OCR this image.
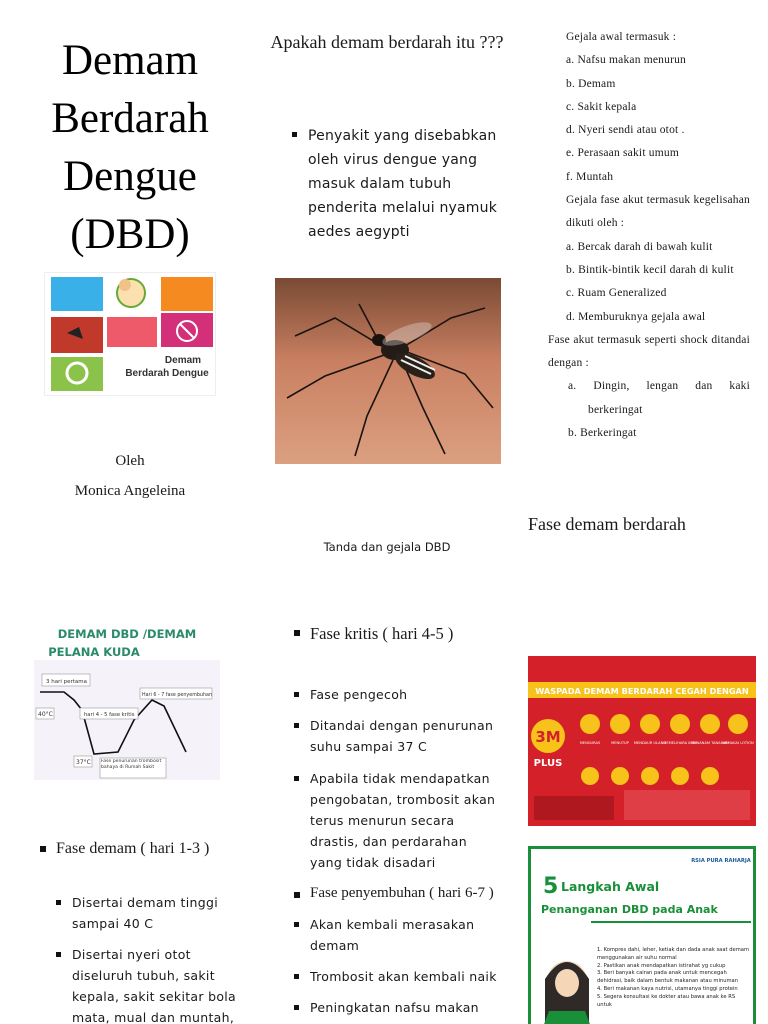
Demam
Berdarah
Dengue
(DBD)
Demam
Berdarah Dengue
Oleh
Monica Angeleina
Apakah demam berdarah itu ???
Penyakit yang disebabkan oleh virus dengue yang masuk dalam tubuh penderita melalui nyamuk aedes aegypti
Tanda dan gejala DBD
Gejala awal termasuk :
a. Nafsu makan menurun
b. Demam
c. Sakit kepala
d. Nyeri sendi atau otot .
e. Perasaan sakit umum
f. Muntah
Gejala fase akut termasuk kegelisahan dikuti oleh :
a. Bercak darah di bawah kulit
b. Bintik-bintik kecil darah di kulit
c. Ruam Generalized
d. Memburuknya gejala awal
Fase akut termasuk seperti shock ditandai dengan :
a. Dingin, lengan dan kaki berkeringat
b. Berkeringat
Fase demam berdarah
DEMAM DBD /DEMAM
PELANA KUDA
3 hari pertama
40°C	hari 4 - 5 fase kritis
Hari 6 - 7 fase penyembuhan
37°C Fase penurunan trombosit bahaya di Rumah Sakit
Fase demam ( hari 1-3 )
Disertai demam tinggi sampai 40 C
Disertai nyeri otot diseluruh tubuh, sakit kepala, sakit sekitar bola mata, mual dan muntah,
Fase kritis ( hari 4-5 )
Fase pengecoh
Ditandai dengan penurunan suhu sampai 37 C
Apabila tidak mendapatkan pengobatan, trombosit akan terus menurun secara drastis, dan perdarahan yang tidak disadari
Fase penyembuhan ( hari 6-7 )
Akan kembali merasakan demam
Trombosit akan kembali naik
Peningkatan nafsu makan
WASPADA DEMAM BERDARAH CEGAH DENGAN
3M
PLUS
MENGURAS	MENUTUP MENDAUR ULANG
MEMELIHARA IKAN
MENANAM TANAMAN
MEMAKAI LOTION
RSIA PURA RAHARJA
5 Langkah Awal
Penanganan DBD pada Anak
1. Kompres dahi, leher, ketiak dan dada anak saat demam menggunakan air suhu normal
2. Pastikan anak mendapatkan istirahat yg cukup
3. Beri banyak cairan pada anak untuk mencegah dehidrasi, baik dalam bentuk makanan atau minuman
4. Beri makanan kaya nutrisi, utamanya tinggi protein
5. Segera konsultasi ke dokter atau bawa anak ke RS untuk
